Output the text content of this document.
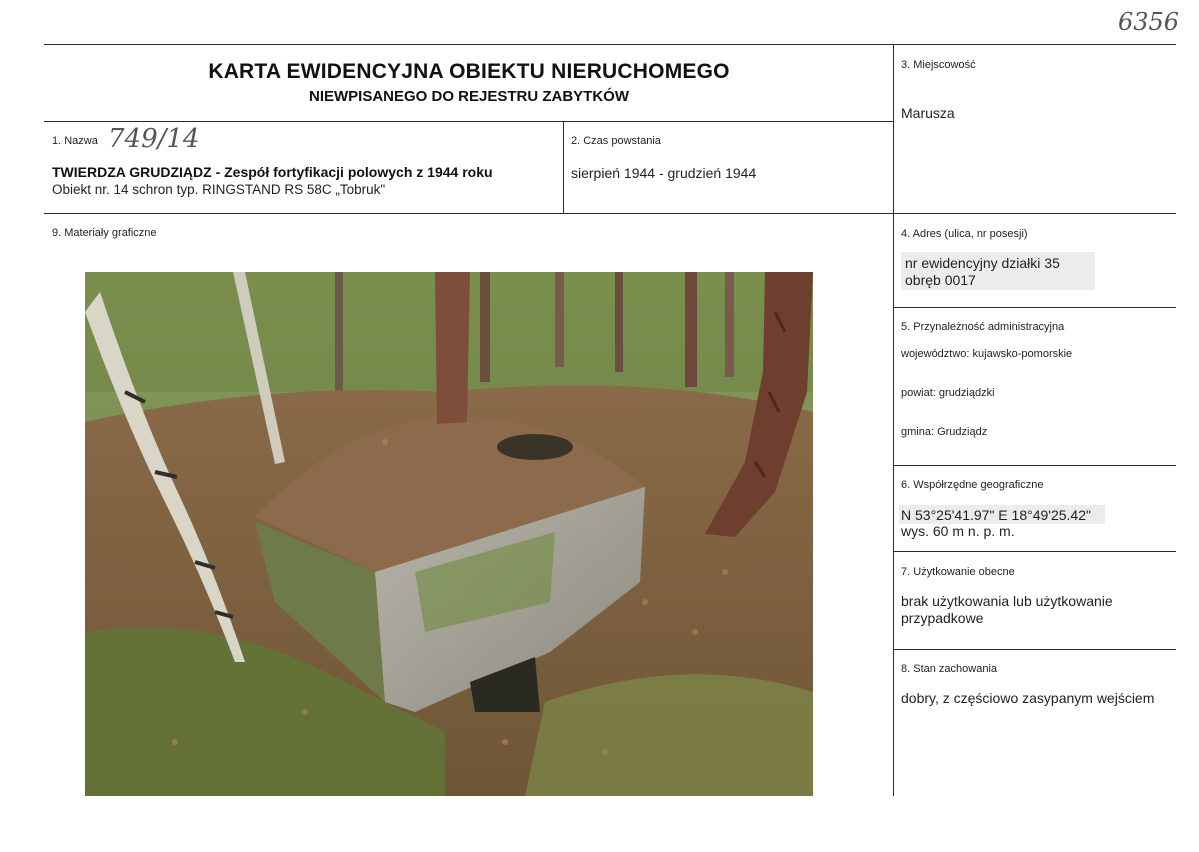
6356
KARTA EWIDENCYJNA OBIEKTU NIERUCHOMEGO
NIEWPISANEGO DO REJESTRU ZABYTKÓW
1. Nazwa 749/14
TWIERDZA GRUDZIĄDZ - Zespół fortyfikacji polowych z 1944 roku
Obiekt nr. 14 schron typ. RINGSTAND RS 58C „Tobruk"
2. Czas powstania
sierpień 1944 - grudzień 1944
3. Miejscowość
Marusza
9. Materiały graficzne	4. Adres (ulica, nr posesji)
nr ewidencyjny działki 35
obręb 0017
5. Przynależność administracyjna
województwo: kujawsko-pomorskie
powiat: grudziądzki
gmina: Grudziądz
6. Współrzędne geograficzne
N 53°25'41.97" E 18°49'25.42"
wys. 60 m n. p. m.
7. Użytkowanie obecne
brak użytkowania lub użytkowanie
przypadkowe
8. Stan zachowania
dobry, z częściowo zasypanym wejściem
